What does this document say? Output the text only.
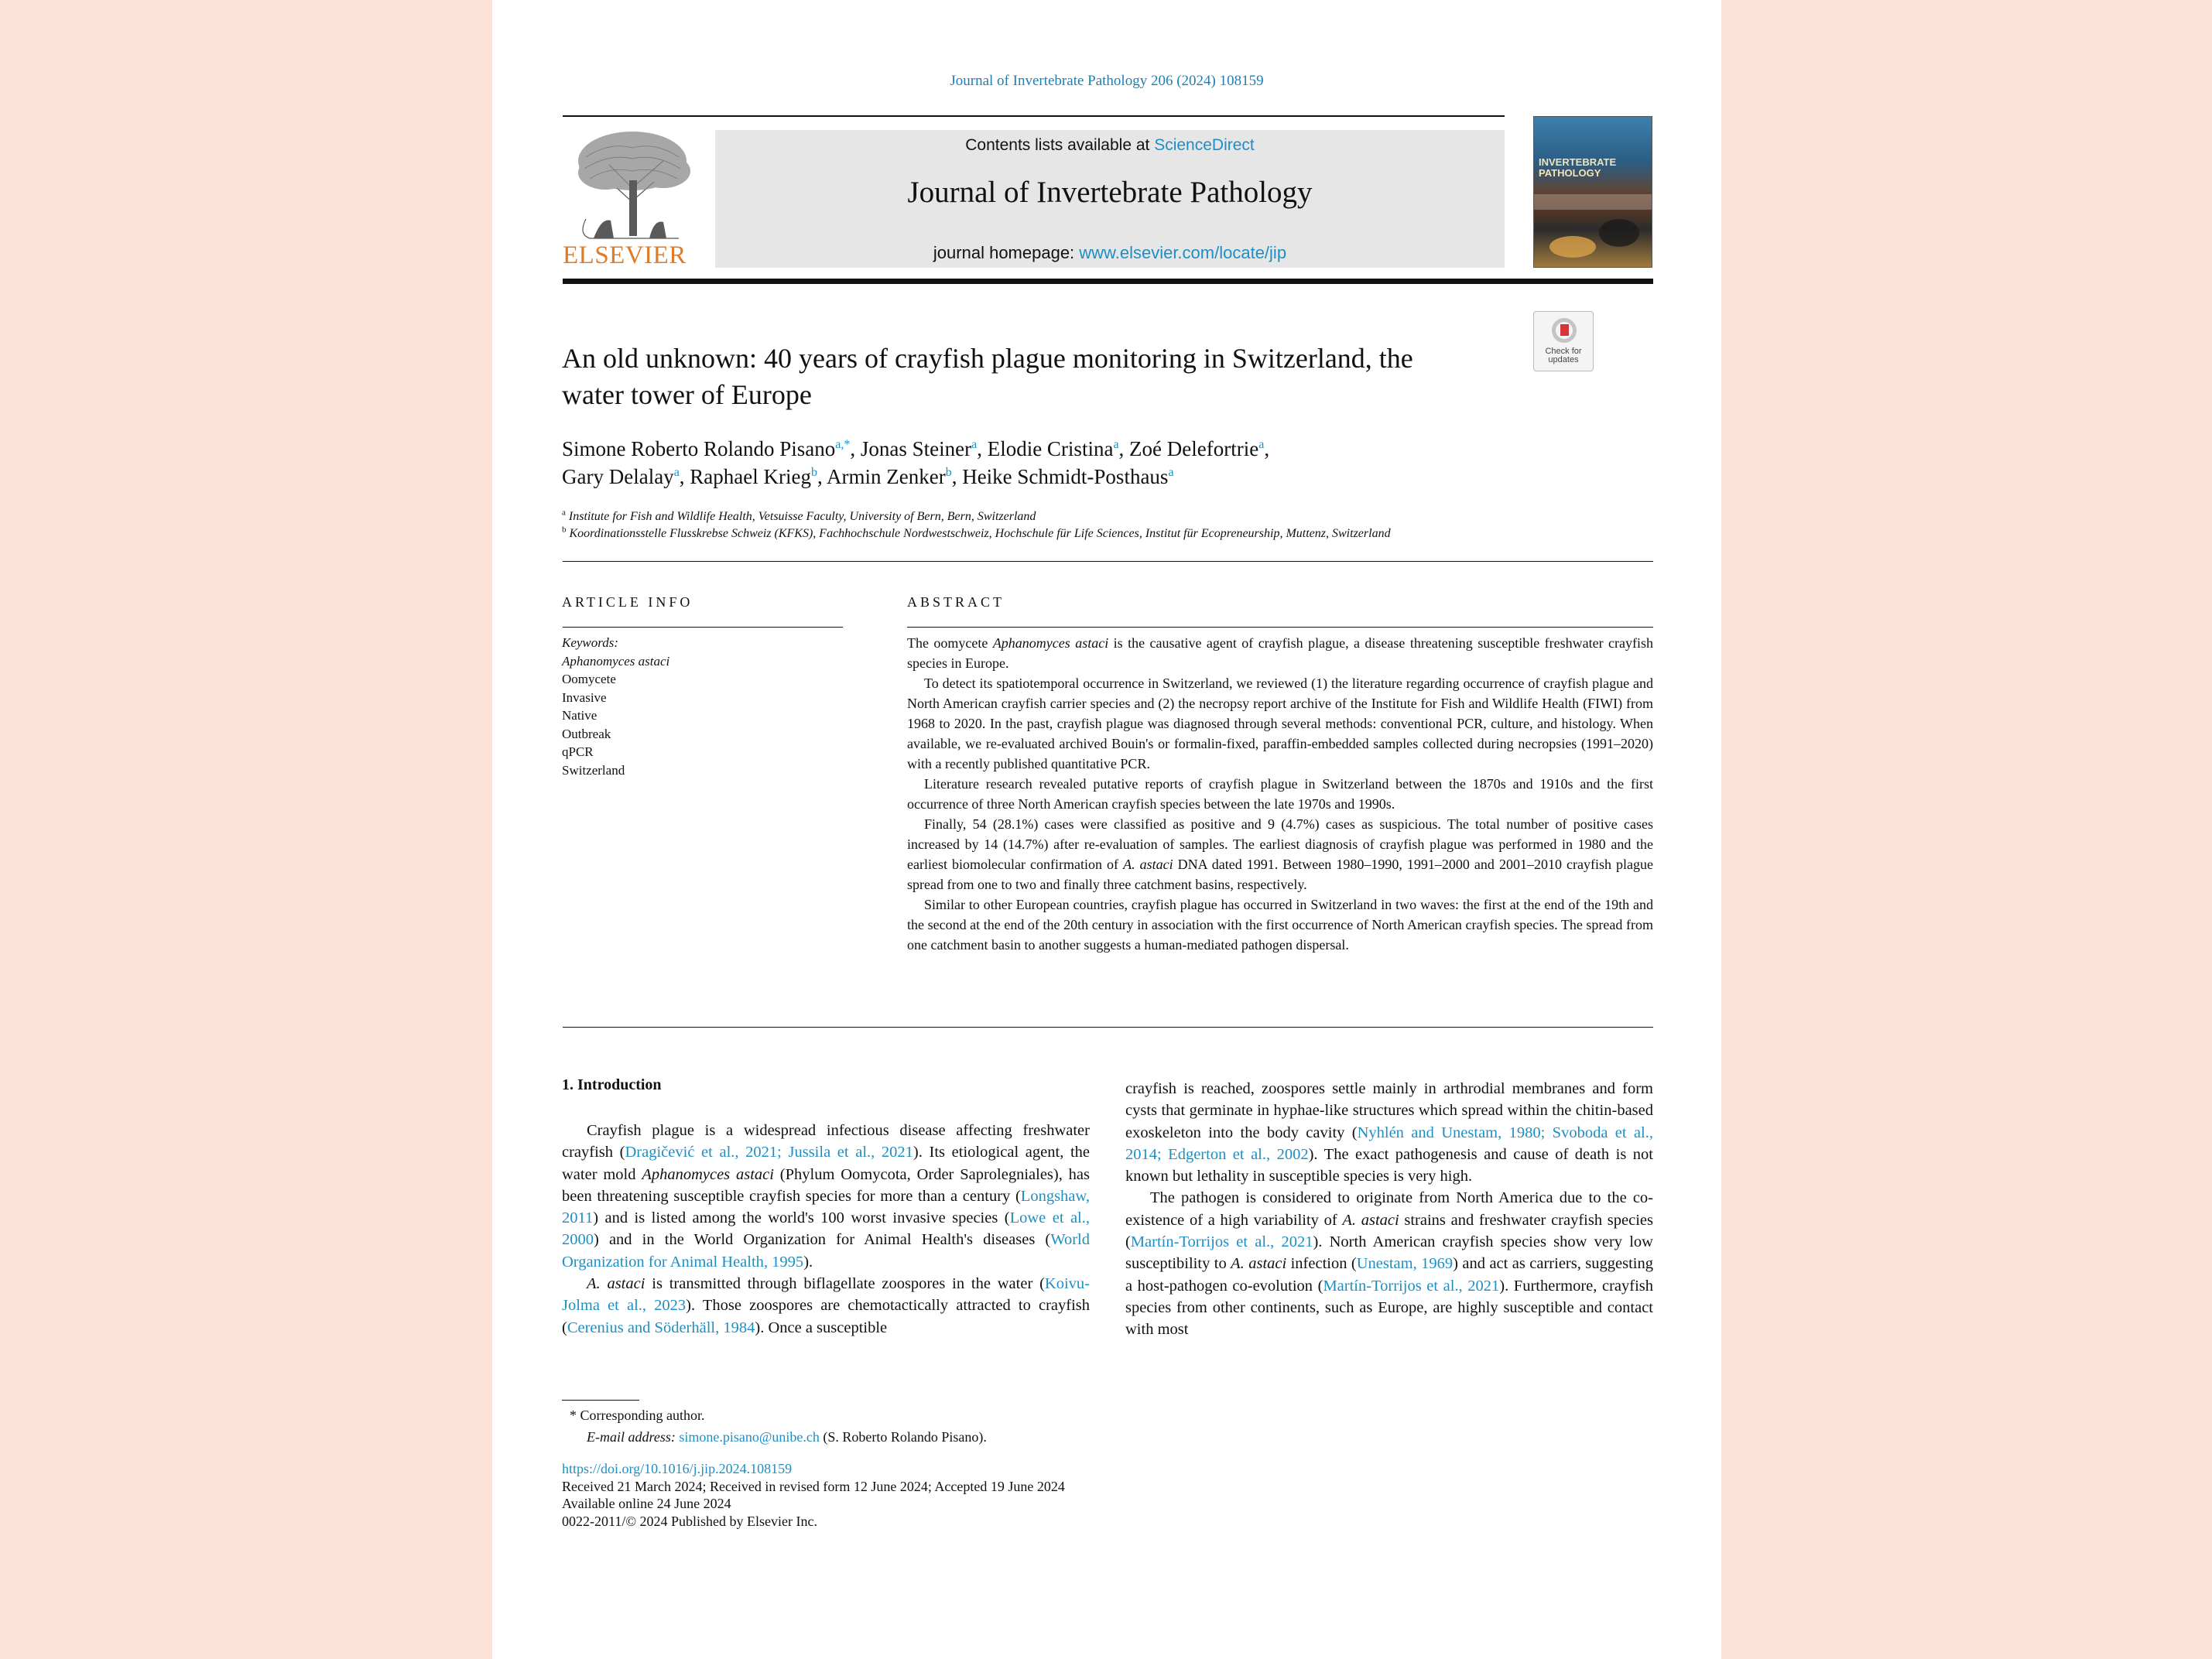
Journal of Invertebrate Pathology 206 (2024) 108159
ELSEVIER
Contents lists available at ScienceDirect
Journal of Invertebrate Pathology
journal homepage: www.elsevier.com/locate/jip
INVERTEBRATE
PATHOLOGY
Check for
updates
An old unknown: 40 years of crayfish plague monitoring in Switzerland, the
water tower of Europe
Simone Roberto Rolando Pisano$^{a,*}$, Jonas Steiner$^a$, Elodie Cristina$^a$, Zoé Delefortrie$^a$,
Gary Delalay$^a$, Raphael Krieg$^b$, Armin Zenker$^b$, Heike Schmidt-Posthaus$^a$
$^a$ Institute for Fish and Wildlife Health, Vetsuisse Faculty, University of Bern, Bern, Switzerland
$^b$ Koordinationsstelle Flusskrebse Schweiz (KFKS), Fachhochschule Nordwestschweiz, Hochschule für Life Sciences, Institut für Ecopreneurship, Muttenz, Switzerland
ARTICLE INFO
Keywords:
Aphanomyces astaci
Oomycete
Invasive
Native
Outbreak
qPCR
Switzerland
ABSTRACT

The oomycete Aphanomyces astaci is the causative agent of crayfish plague, a disease threatening susceptible freshwater crayfish species in Europe.

To detect its spatiotemporal occurrence in Switzerland, we reviewed (1) the literature regarding occurrence of crayfish plague and North American crayfish carrier species and (2) the necropsy report archive of the Institute for Fish and Wildlife Health (FIWI) from 1968 to 2020. In the past, crayfish plague was diagnosed through several methods: conventional PCR, culture, and histology. When available, we re-evaluated archived Bouin's or formalin-fixed, paraffin-embedded samples collected during necropsies (1991–2020) with a recently published quantitative PCR.

Literature research revealed putative reports of crayfish plague in Switzerland between the 1870s and 1910s and the first occurrence of three North American crayfish species between the late 1970s and 1990s.

Finally, 54 (28.1%) cases were classified as positive and 9 (4.7%) cases as suspicious. The total number of positive cases increased by 14 (14.7%) after re-evaluation of samples. The earliest diagnosis of crayfish plague was performed in 1980 and the earliest biomolecular confirmation of A. astaci DNA dated 1991. Between 1980–1990, 1991–2000 and 2001–2010 crayfish plague spread from one to two and finally three catchment basins, respectively.

Similar to other European countries, crayfish plague has occurred in Switzerland in two waves: the first at the end of the 19th and the second at the end of the 20th century in association with the first occurrence of North American crayfish species. The spread from one catchment basin to another suggests a human-mediated pathogen dispersal.

1. Introduction

Crayfish plague is a widespread infectious disease affecting freshwater crayfish (Dragičević et al., 2021; Jussila et al., 2021). Its etiological agent, the water mold Aphanomyces astaci (Phylum Oomycota, Order Saprolegniales), has been threatening susceptible crayfish species for more than a century (Longshaw, 2011) and is listed among the world's 100 worst invasive species (Lowe et al., 2000) and in the World Organization for Animal Health's diseases (World Organization for Animal Health, 1995).

A. astaci is transmitted through biflagellate zoospores in the water (Koivu-Jolma et al., 2023). Those zoospores are chemotactically attracted to crayfish (Cerenius and Söderhäll, 1984). Once a susceptible

crayfish is reached, zoospores settle mainly in arthrodial membranes and form cysts that germinate in hyphae-like structures which spread within the chitin-based exoskeleton into the body cavity (Nyhlén and Unestam, 1980; Svoboda et al., 2014; Edgerton et al., 2002). The exact pathogenesis and cause of death is not known but lethality in susceptible species is very high.

The pathogen is considered to originate from North America due to the co-existence of a high variability of A. astaci strains and freshwater crayfish species (Martín-Torrijos et al., 2021). North American crayfish species show very low susceptibility to A. astaci infection (Unestam, 1969) and act as carriers, suggesting a host-pathogen co-evolution (Martín-Torrijos et al., 2021). Furthermore, crayfish species from other continents, such as Europe, are highly susceptible and contact with most

* Corresponding author.
E-mail address: simone.pisano@unibe.ch (S. Roberto Rolando Pisano).
https://doi.org/10.1016/j.jip.2024.108159
Received 21 March 2024; Received in revised form 12 June 2024; Accepted 19 June 2024
Available online 24 June 2024
0022-2011/© 2024 Published by Elsevier Inc.
